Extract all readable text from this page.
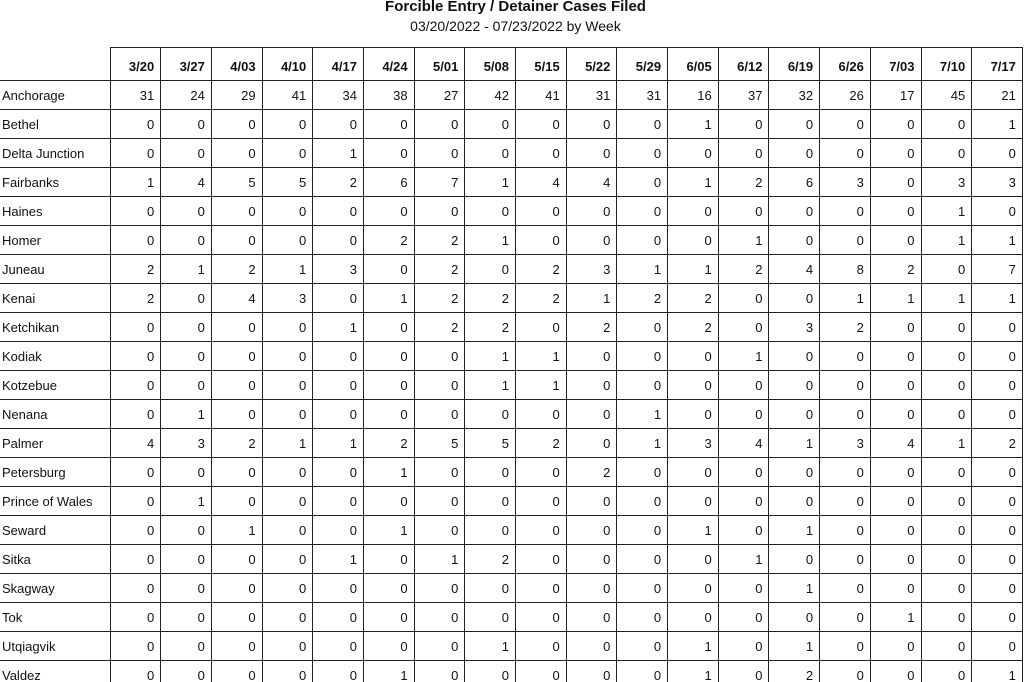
Forcible Entry / Detainer Cases Filed
03/20/2022 - 07/23/2022 by Week
	3/20	3/27	4/03	4/10	4/17	4/24	5/01	5/08	5/15	5/22	5/29	6/05	6/12	6/19	6/26	7/03	7/10	7/17
Anchorage	31	24	29	41	34	38	27	42	41	31	31	16	37	32	26	17	45	21
Bethel	0	0	0	0	0	0	0	0	0	0	0	1	0	0	0	0	0	1
Delta Junction	0	0	0	0	1	0	0	0	0	0	0	0	0	0	0	0	0	0
Fairbanks	1	4	5	5	2	6	7	1	4	4	0	1	2	6	3	0	3	3
Haines	0	0	0	0	0	0	0	0	0	0	0	0	0	0	0	0	1	0
Homer	0	0	0	0	0	2	2	1	0	0	0	0	1	0	0	0	1	1
Juneau	2	1	2	1	3	0	2	0	2	3	1	1	2	4	8	2	0	7
Kenai	2	0	4	3	0	1	2	2	2	1	2	2	0	0	1	1	1	1
Ketchikan	0	0	0	0	1	0	2	2	0	2	0	2	0	3	2	0	0	0
Kodiak	0	0	0	0	0	0	0	1	1	0	0	0	1	0	0	0	0	0
Kotzebue	0	0	0	0	0	0	0	1	1	0	0	0	0	0	0	0	0	0
Nenana	0	1	0	0	0	0	0	0	0	0	1	0	0	0	0	0	0	0
Palmer	4	3	2	1	1	2	5	5	2	0	1	3	4	1	3	4	1	2
Petersburg	0	0	0	0	0	1	0	0	0	2	0	0	0	0	0	0	0	0
Prince of Wales	0	1	0	0	0	0	0	0	0	0	0	0	0	0	0	0	0	0
Seward	0	0	1	0	0	1	0	0	0	0	0	1	0	1	0	0	0	0
Sitka	0	0	0	0	1	0	1	2	0	0	0	0	1	0	0	0	0	0
Skagway	0	0	0	0	0	0	0	0	0	0	0	0	0	1	0	0	0	0
Tok	0	0	0	0	0	0	0	0	0	0	0	0	0	0	0	1	0	0
Utqiagvik	0	0	0	0	0	0	0	1	0	0	0	1	0	1	0	0	0	0
Valdez	0	0	0	0	0	1	0	0	0	0	0	1	0	2	0	0	0	1
